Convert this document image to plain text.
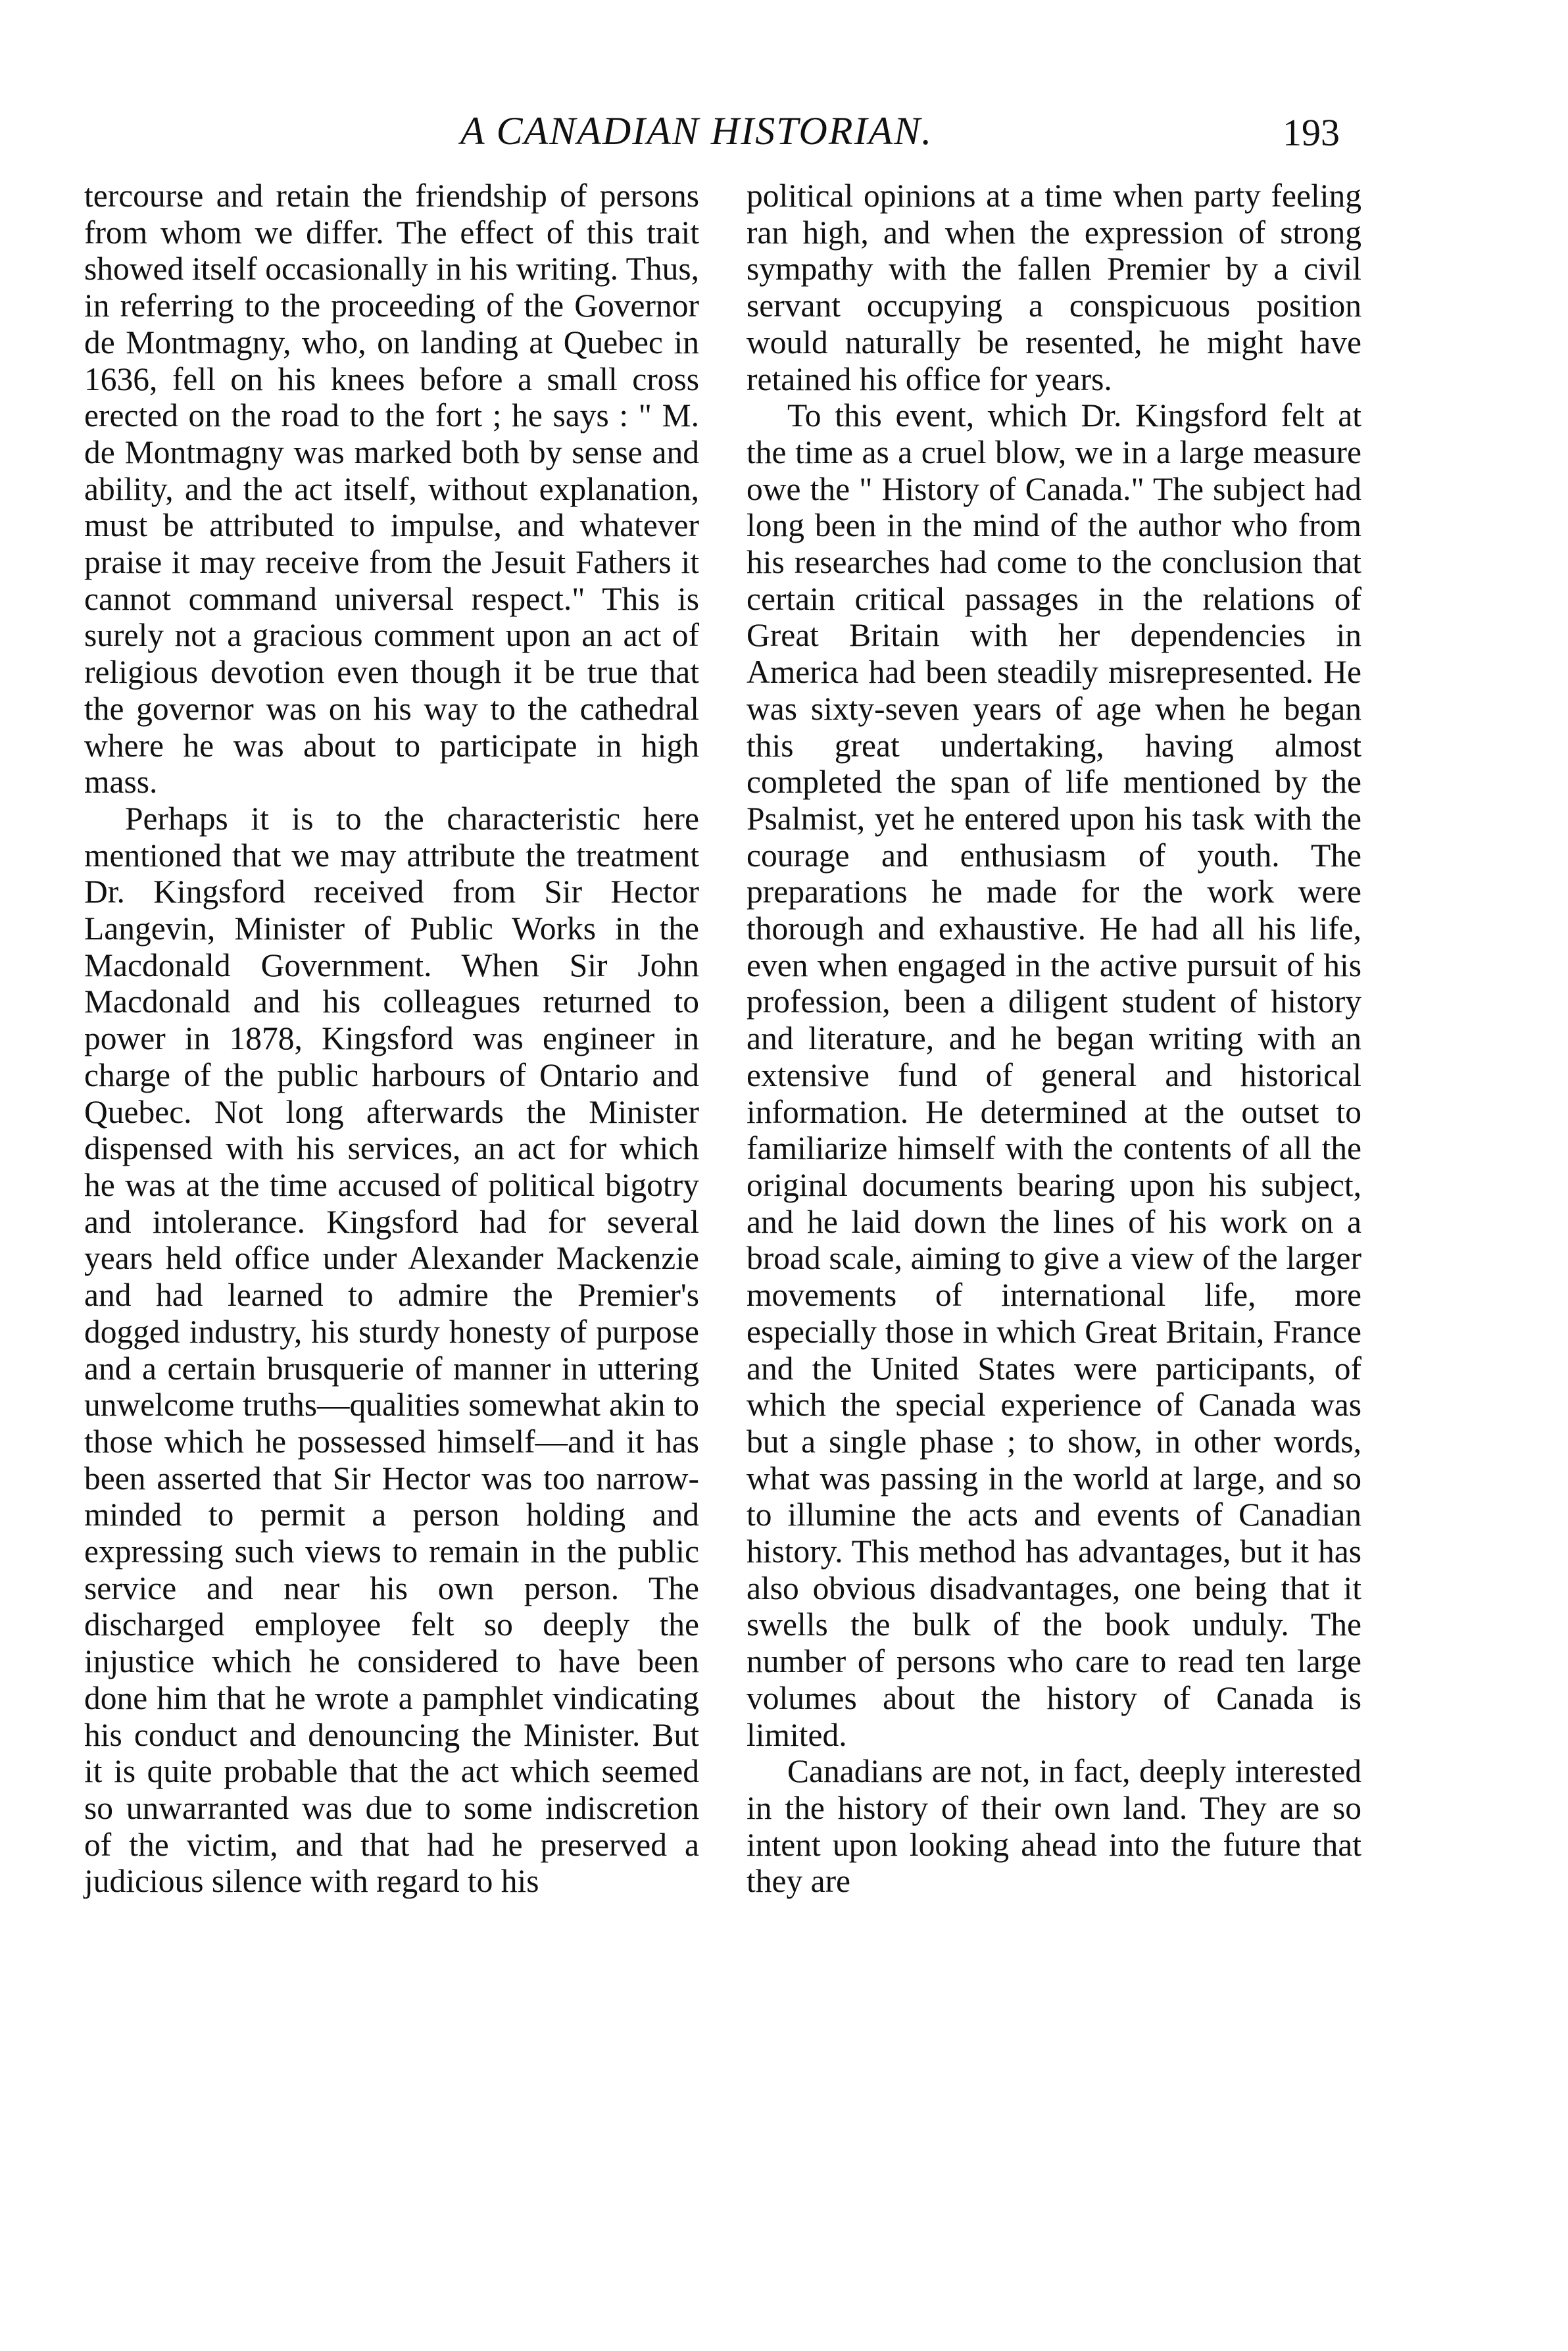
A CANADIAN HISTORIAN.	193

tercourse and retain the friendship of persons from whom we differ. The effect of this trait showed itself occasionally in his writing. Thus, in referring to the proceeding of the Governor de Montmagny, who, on landing at Quebec in 1636, fell on his knees before a small cross erected on the road to the fort ; he says : " M. de Montmagny was marked both by sense and ability, and the act itself, without explanation, must be attributed to impulse, and whatever praise it may receive from the Jesuit Fathers it cannot command universal respect." This is surely not a gracious comment upon an act of religious devotion even though it be true that the governor was on his way to the cathedral where he was about to participate in high mass.

Perhaps it is to the characteristic here mentioned that we may attribute the treatment Dr. Kingsford received from Sir Hector Langevin, Minister of Public Works in the Macdonald Government. When Sir John Macdonald and his colleagues returned to power in 1878, Kingsford was engineer in charge of the public harbours of Ontario and Quebec. Not long afterwards the Minister dispensed with his services, an act for which he was at the time accused of political bigotry and intolerance. Kingsford had for several years held office under Alexander Mackenzie and had learned to admire the Premier's dogged industry, his sturdy honesty of purpose and a certain brusquerie of manner in uttering unwelcome truths—qualities somewhat akin to those which he possessed himself—and it has been asserted that Sir Hector was too narrow-minded to permit a person holding and expressing such views to remain in the public service and near his own person. The discharged employee felt so deeply the injustice which he considered to have been done him that he wrote a pamphlet vindicating his conduct and denouncing the Minister. But it is quite probable that the act which seemed so unwarranted was due to some indiscretion of the victim, and that had he preserved a judicious silence with regard to his

political opinions at a time when party feeling ran high, and when the expression of strong sympathy with the fallen Premier by a civil servant occupying a conspicuous position would naturally be resented, he might have retained his office for years.

To this event, which Dr. Kingsford felt at the time as a cruel blow, we in a large measure owe the " History of Canada." The subject had long been in the mind of the author who from his researches had come to the conclusion that certain critical passages in the relations of Great Britain with her dependencies in America had been steadily misrepresented. He was sixty-seven years of age when he began this great undertaking, having almost completed the span of life mentioned by the Psalmist, yet he entered upon his task with the courage and enthusiasm of youth. The preparations he made for the work were thorough and exhaustive. He had all his life, even when engaged in the active pursuit of his profession, been a diligent student of history and literature, and he began writing with an extensive fund of general and historical information. He determined at the outset to familiarize himself with the contents of all the original documents bearing upon his subject, and he laid down the lines of his work on a broad scale, aiming to give a view of the larger movements of international life, more especially those in which Great Britain, France and the United States were participants, of which the special experience of Canada was but a single phase ; to show, in other words, what was passing in the world at large, and so to illumine the acts and events of Canadian history. This method has advantages, but it has also obvious disadvantages, one being that it swells the bulk of the book unduly. The number of persons who care to read ten large volumes about the history of Canada is limited.

Canadians are not, in fact, deeply interested in the history of their own land. They are so intent upon looking ahead into the future that they are
